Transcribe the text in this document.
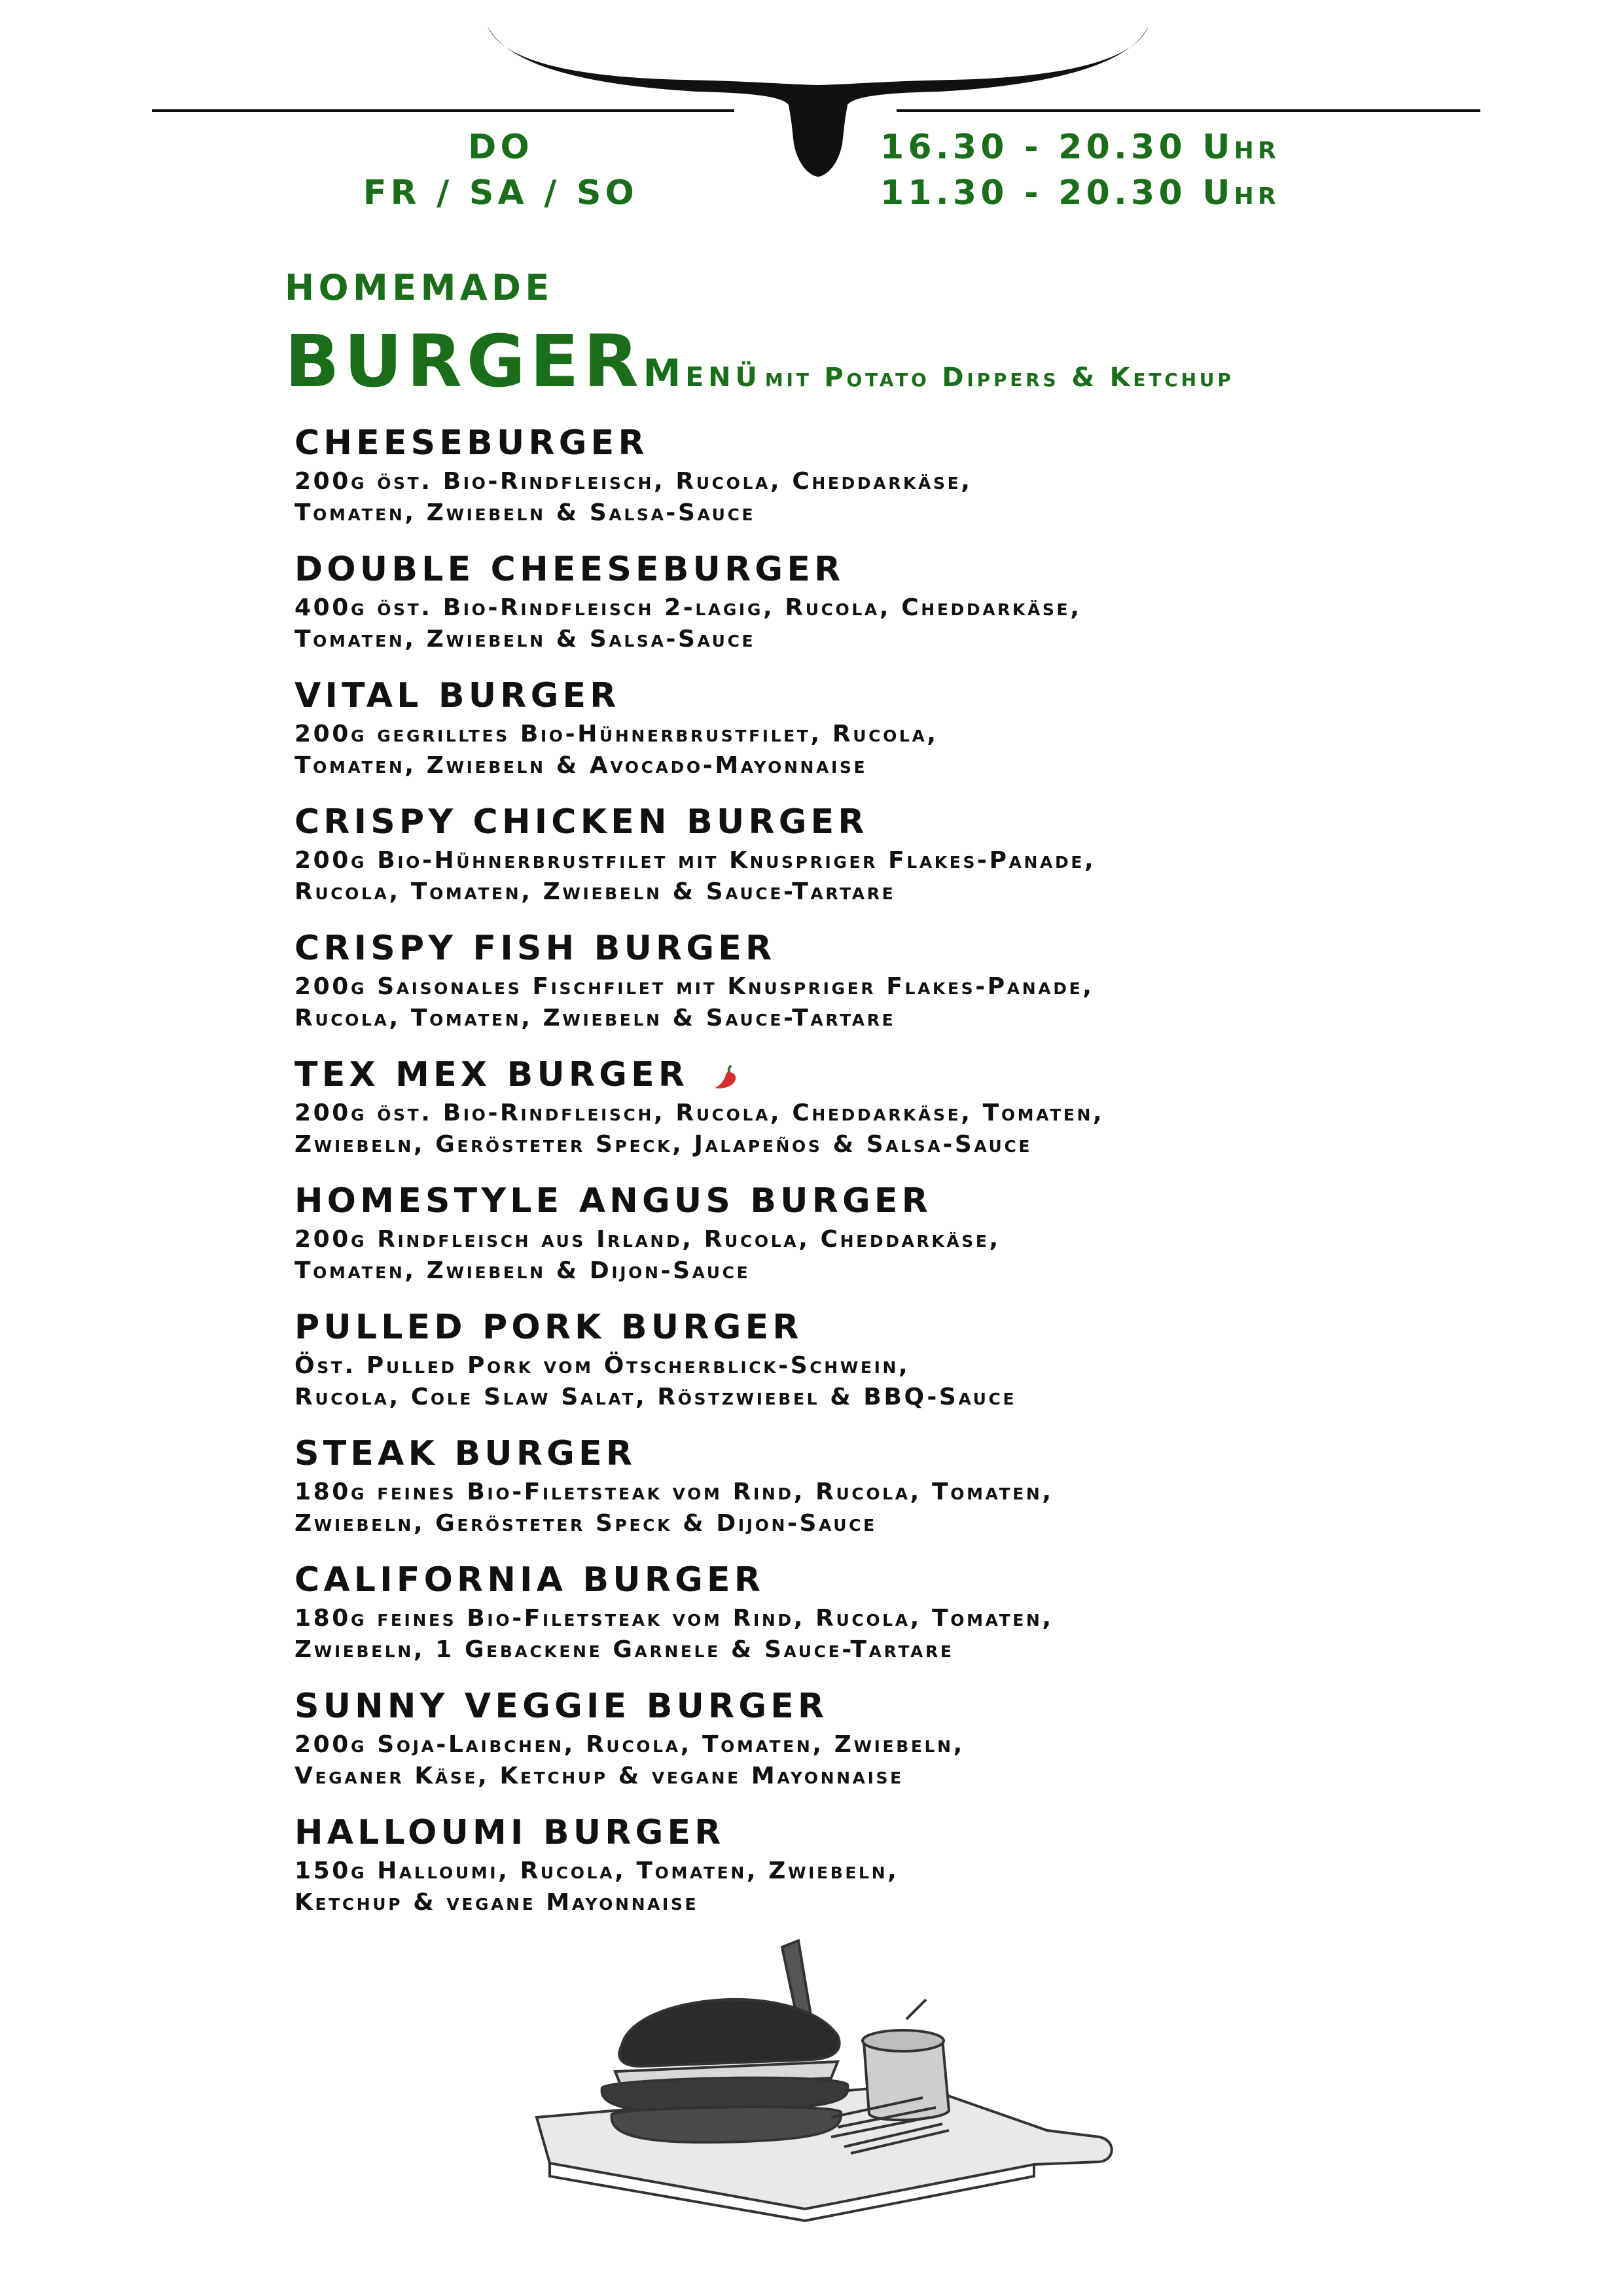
DO	16.30 - 20.30 Uhr
FR / SA / SO	11.30 - 20.30 Uhr
HOMEMADE
BURGERMenü mit Potato Dippers & Ketchup
CHEESEBURGER
200g öst. Bio-Rindfleisch, Rucola, Cheddarkäse,
Tomaten, Zwiebeln & Salsa-Sauce
DOUBLE CHEESEBURGER
400g öst. Bio-Rindfleisch 2-lagig, Rucola, Cheddarkäse,
Tomaten, Zwiebeln & Salsa-Sauce
VITAL BURGER
200g gegrilltes Bio-Hühnerbrustfilet, Rucola,
Tomaten, Zwiebeln & Avocado-Mayonnaise
CRISPY CHICKEN BURGER
200g Bio-Hühnerbrustfilet mit Knuspriger Flakes-Panade,
Rucola, Tomaten, Zwiebeln & Sauce-Tartare
CRISPY FISH BURGER
200g Saisonales Fischfilet mit Knuspriger Flakes-Panade,
Rucola, Tomaten, Zwiebeln & Sauce-Tartare
TEX MEX BURGER
200g öst. Bio-Rindfleisch, Rucola, Cheddarkäse, Tomaten,
Zwiebeln, Gerösteter Speck, Jalapeños & Salsa-Sauce
HOMESTYLE ANGUS BURGER
200g Rindfleisch aus Irland, Rucola, Cheddarkäse,
Tomaten, Zwiebeln & Dijon-Sauce
PULLED PORK BURGER
Öst. Pulled Pork vom Ötscherblick-Schwein,
Rucola, Cole Slaw Salat, Röstzwiebel & BBQ-Sauce
STEAK BURGER
180g feines Bio-Filetsteak vom Rind, Rucola, Tomaten,
Zwiebeln, Gerösteter Speck & Dijon-Sauce
CALIFORNIA BURGER
180g feines Bio-Filetsteak vom Rind, Rucola, Tomaten,
Zwiebeln, 1 Gebackene Garnele & Sauce-Tartare
SUNNY VEGGIE BURGER
200g Soja-Laibchen, Rucola, Tomaten, Zwiebeln,
Veganer Käse, Ketchup & vegane Mayonnaise
HALLOUMI BURGER
150g Halloumi, Rucola, Tomaten, Zwiebeln,
Ketchup & vegane Mayonnaise
